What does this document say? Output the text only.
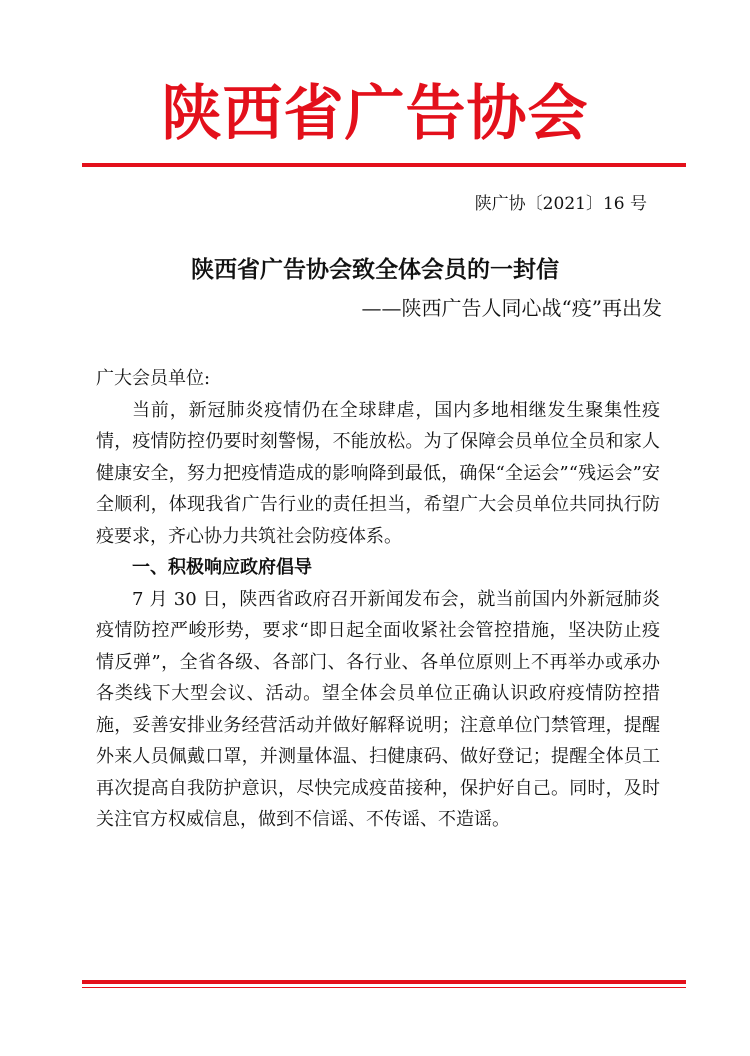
陕西省广告协会
陕广协〔2021〕16 号
陕西省广告协会致全体会员的一封信
——陕西广告人同心战“疫”再出发

广大会员单位:

当前，新冠肺炎疫情仍在全球肆虐，国内多地相继发生聚集性疫情，疫情防控仍要时刻警惕，不能放松。为了保障会员单位全员和家人健康安全，努力把疫情造成的影响降到最低，确保“全运会”“残运会”安全顺利，体现我省广告行业的责任担当，希望广大会员单位共同执行防疫要求，齐心协力共筑社会防疫体系。

一、积极响应政府倡导

7 月 30 日，陕西省政府召开新闻发布会，就当前国内外新冠肺炎疫情防控严峻形势，要求“即日起全面收紧社会管控措施，坚决防止疫情反弹”，全省各级、各部门、各行业、各单位原则上不再举办或承办各类线下大型会议、活动。望全体会员单位正确认识政府疫情防控措施，妥善安排业务经营活动并做好解释说明；注意单位门禁管理，提醒外来人员佩戴口罩，并测量体温、扫健康码、做好登记；提醒全体员工再次提高自我防护意识，尽快完成疫苗接种，保护好自己。同时，及时关注官方权威信息，做到不信谣、不传谣、不造谣。
